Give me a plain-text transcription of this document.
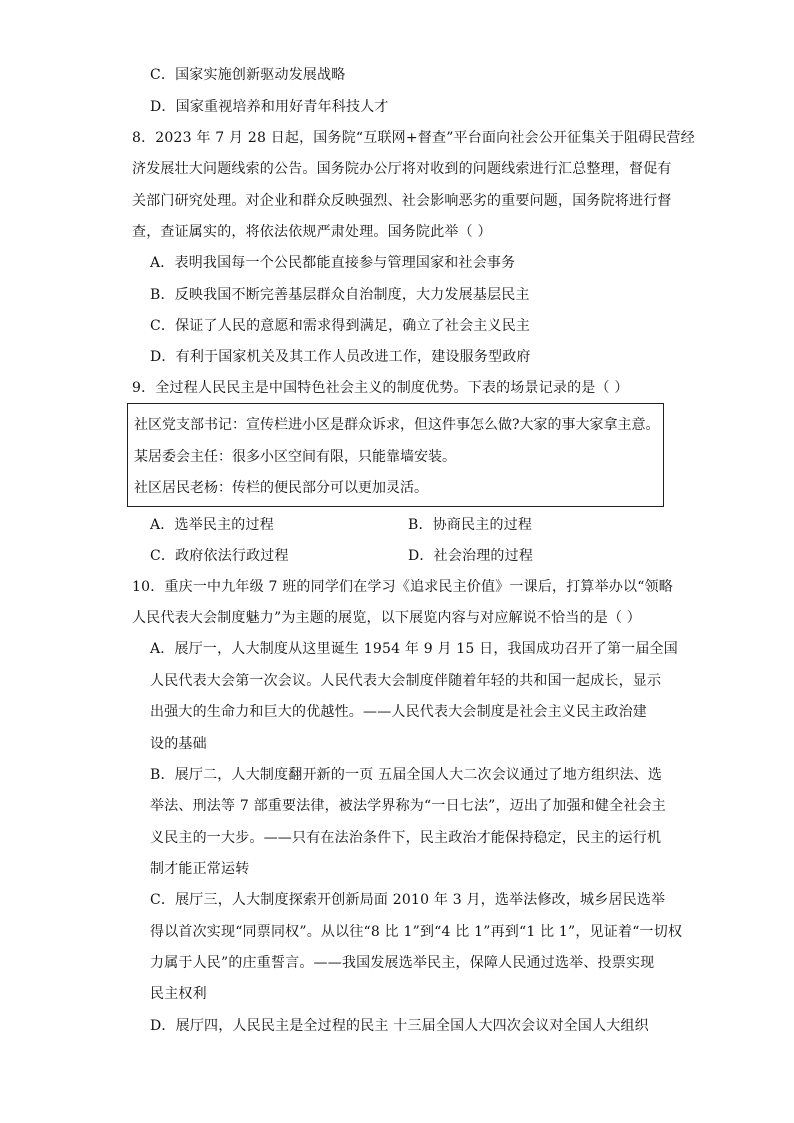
C．国家实施创新驱动发展战略
D．国家重视培养和用好青年科技人才
8．2023 年 7 月 28 日起，国务院“互联网+督查”平台面向社会公开征集关于阻碍民营经
济发展壮大问题线索的公告。国务院办公厅将对收到的问题线索进行汇总整理，督促有
关部门研究处理。对企业和群众反映强烈、社会影响恶劣的重要问题，国务院将进行督
查，查证属实的，将依法依规严肃处理。国务院此举（ ）
A．表明我国每一个公民都能直接参与管理国家和社会事务
B．反映我国不断完善基层群众自治制度，大力发展基层民主
C．保证了人民的意愿和需求得到满足，确立了社会主义民主
D．有利于国家机关及其工作人员改进工作，建设服务型政府
9．全过程人民民主是中国特色社会主义的制度优势。下表的场景记录的是（ ）
社区党支部书记：宣传栏进小区是群众诉求，但这件事怎么做?大家的事大家拿主意。
某居委会主任：很多小区空间有限，只能靠墙安装。
社区居民老杨：传栏的便民部分可以更加灵活。
A．选举民主的过程	B．协商民主的过程
C．政府依法行政过程	D．社会治理的过程
10．重庆一中九年级 7 班的同学们在学习《追求民主价值》一课后，打算举办以“领略
人民代表大会制度魅力”为主题的展览，以下展览内容与对应解说不恰当的是（ ）
A．展厅一，人大制度从这里诞生 1954 年 9 月 15 日，我国成功召开了第一届全国
人民代表大会第一次会议。人民代表大会制度伴随着年轻的共和国一起成长，显示
出强大的生命力和巨大的优越性。——人民代表大会制度是社会主义民主政治建
设的基础
B．展厅二，人大制度翻开新的一页 五届全国人大二次会议通过了地方组织法、选
举法、刑法等 7 部重要法律，被法学界称为“一日七法”，迈出了加强和健全社会主
义民主的一大步。——只有在法治条件下，民主政治才能保持稳定，民主的运行机
制才能正常运转
C．展厅三，人大制度探索开创新局面 2010 年 3 月，选举法修改，城乡居民选举
得以首次实现“同票同权”。从以往“8 比 1”到“4 比 1”再到“1 比 1”，见证着“一切权
力属于人民”的庄重誓言。——我国发展选举民主，保障人民通过选举、投票实现
民主权利
D．展厅四，人民民主是全过程的民主 十三届全国人大四次会议对全国人大组织
